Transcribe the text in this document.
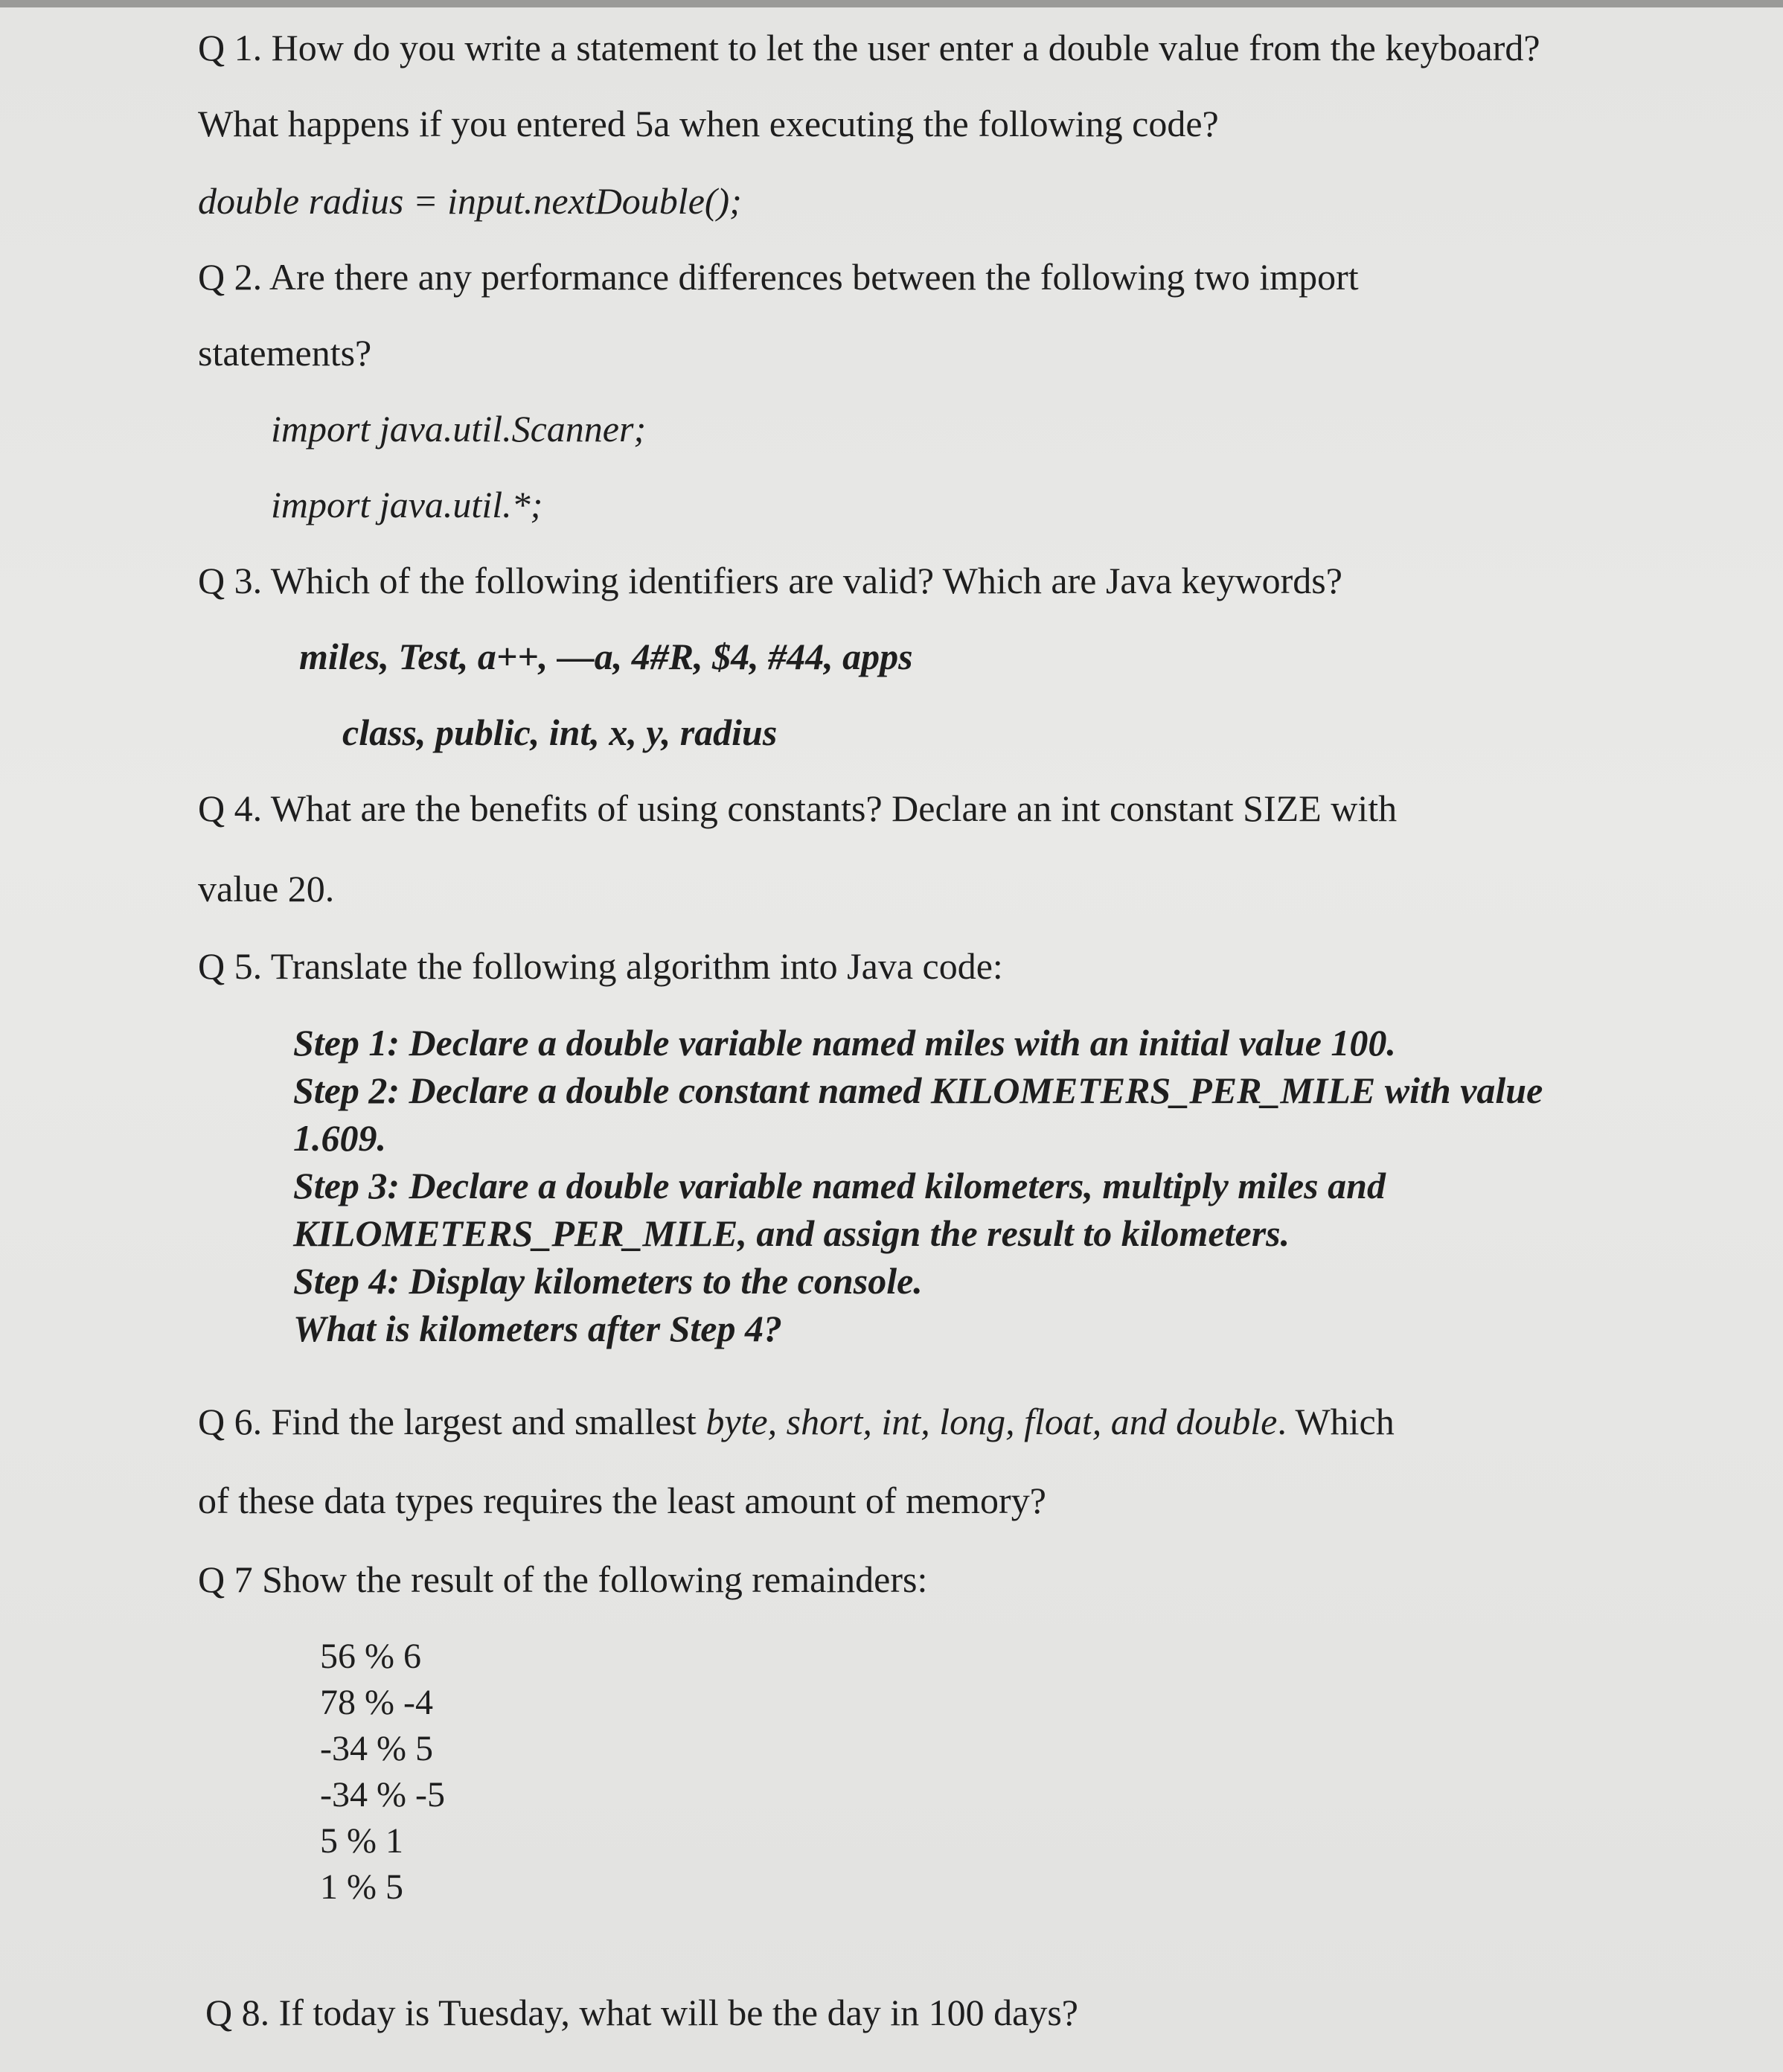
Q 1. How do you write a statement to let the user enter a double value from the keyboard?
What happens if you entered 5a when executing the following code?
double radius = input.nextDouble();
Q 2. Are there any performance differences between the following two import
statements?
import java.util.Scanner;
import java.util.*;
Q 3. Which of the following identifiers are valid? Which are Java keywords?
miles, Test, a++, —a, 4#R, $4, #44, apps
class, public, int, x, y, radius
Q 4. What are the benefits of using constants? Declare an int constant SIZE with
value 20.
Q 5. Translate the following algorithm into Java code:
Step 1: Declare a double variable named miles with an initial value 100.
Step 2: Declare a double constant named KILOMETERS_PER_MILE with value
1.609.
Step 3: Declare a double variable named kilometers, multiply miles and
KILOMETERS_PER_MILE, and assign the result to kilometers.
Step 4: Display kilometers to the console.
What is kilometers after Step 4?
Q 6. Find the largest and smallest byte, short, int, long, float, and double. Which
of these data types requires the least amount of memory?
Q 7 Show the result of the following remainders:
56 % 6
78 % -4
-34 % 5
-34 % -5
5 % 1
1 % 5
Q 8. If today is Tuesday, what will be the day in 100 days?
